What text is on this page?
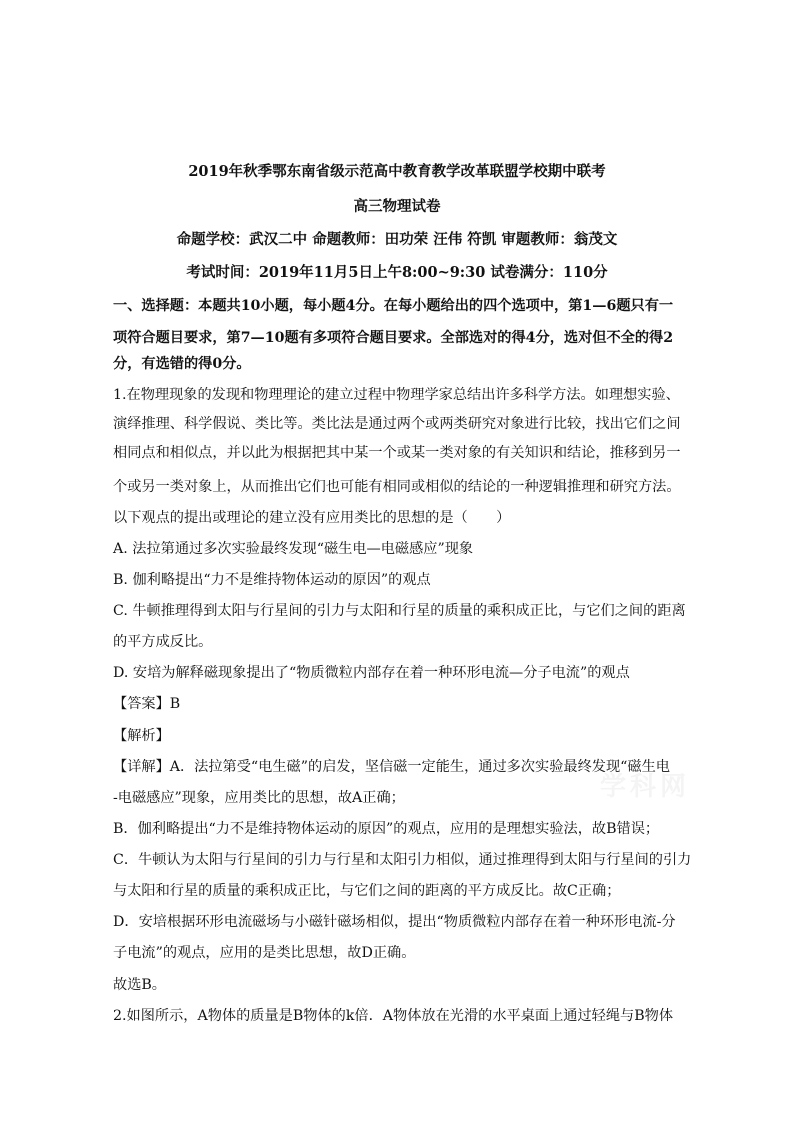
2019年秋季鄂东南省级示范高中教育教学改革联盟学校期中联考
高三物理试卷
命题学校：武汉二中 命题教师：田功荣 汪伟 符凯 审题教师：翁茂文
考试时间：2019年11月5日上午8:00~9:30 试卷满分：110分
一、选择题：本题共10小题，每小题4分。在每小题给出的四个选项中，第1—6题只有一
项符合题目要求，第7—10题有多项符合题目要求。全部选对的得4分，选对但不全的得2
分，有选错的得0分。
1.在物理现象的发现和物理理论的建立过程中物理学家总结出许多科学方法。如理想实验、
演绎推理、科学假说、类比等。类比法是通过两个或两类研究对象进行比较，找出它们之间
相同点和相似点，并以此为根据把其中某一个或某一类对象的有关知识和结论，推移到另一
个或另一类对象上，从而推出它们也可能有相同或相似的结论的一种逻辑推理和研究方法。
以下观点的提出或理论的建立没有应用类比的思想的是（　　）
A. 法拉第通过多次实验最终发现“磁生电—电磁感应”现象
B. 伽利略提出“力不是维持物体运动的原因”的观点
C. 牛顿推理得到太阳与行星间的引力与太阳和行星的质量的乘积成正比，与它们之间的距离
的平方成反比。
D. 安培为解释磁现象提出了“物质微粒内部存在着一种环形电流—分子电流”的观点
【答案】B
【解析】
【详解】A．法拉第受“电生磁”的启发，坚信磁一定能生，通过多次实验最终发现“磁生电
-电磁感应”现象，应用类比的思想，故A正确；
B．伽利略提出“力不是维持物体运动的原因”的观点，应用的是理想实验法，故B错误；
C．牛顿认为太阳与行星间的引力与行星和太阳引力相似，通过推理得到太阳与行星间的引力
与太阳和行星的质量的乘积成正比，与它们之间的距离的平方成反比。故C正确；
D．安培根据环形电流磁场与小磁针磁场相似，提出“物质微粒内部存在着一种环形电流-分
子电流”的观点，应用的是类比思想，故D正确。
故选B。
2.如图所示，A物体的质量是B物体的k倍．A物体放在光滑的水平桌面上通过轻绳与B物体
学科网
